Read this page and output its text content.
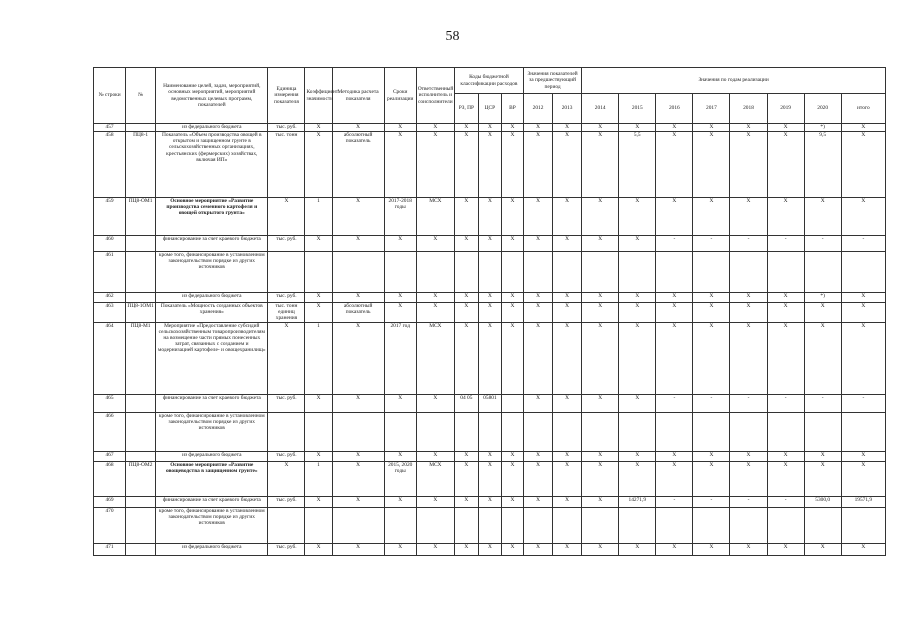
58
№ строки	№	Наименование целей, задач, мероприятий, основных мероприятий, мероприятий ведомственных целевых программ, показателей	Единица измерения показателя	Коэффициент значимости	Методика расчета показателя	Сроки реализации	Ответственный исполнитель и соисполнители	Коды бюджетной классификации расходов			Значения показателей за предшествующий период		Значения по годам реализации							
								РЗ, ПР	ЦСР	ВР	2012	2013	2014	2015	2016	2017	2018	2019	2020	итого
457		из федерального бюджета	тыс. руб.	X	X	X	X	X	X	X	X	X	X	X	X	X	X	X	*)	X
458	ПЦ8-1	Показатель «Объем производства овощей в открытом и защищенном грунте в сельскохозяйственных организациях, крестьянских (фермерских) хозяйствах, включая ИП»	тыс. тонн	X	абсолютный показатель	X	X	X	X	X	X	X	X	5,5	X	X	X	X	9,5	X
459	ПЦ8-ОМ1	Основное мероприятие «Развитие производства семенного картофеля и овощей открытого грунта»	X	1	X	2017-2018 годы	МСХ	X	X	X	X	X	X	X	X	X	X	X	X	X
460		финансирование за счет краевого бюджета	тыс. руб.	X	X	X	X	X	X	X	X	X	X	X	-	-	-	-	-	-
461		кроме того, финансирование в установленном законодательством порядке из других источников																		
462		из федерального бюджета	тыс. руб.	X	X	X	X	X	X	X	X	X	X	X	X	X	X	X	*)	X
463	ПЦ8-1ОМ1	Показатель «Мощность созданных объектов хранения»	тыс. тонн единиц хранения	X	абсолютный показатель	X	X	X	X	X	X	X	X	X	X	X	X	X	X	X
464	ПЦ8-М1	Мероприятие «Предоставление субсидий сельскохозяйственным товаропроизводителям на возмещение части прямых понесенных затрат, связанных с созданием и модернизацией картофеле- и овощехранилищ»	X	1	X	2017 год	МСХ	X	X	X	X	X	X	X	X	X	X	X	X	X
465		финансирование за счет краевого бюджета	тыс. руб.	X	X	X	X	04 05	05801		X	X	X	X	-	-	-	-	-	-
466		кроме того, финансирование в установленном законодательством порядке из других источников																		
467		из федерального бюджета	тыс. руб.	X	X	X	X	X	X	X	X	X	X	X	X	X	X	X	X	X
468	ПЦ8-ОМ2	Основное мероприятие «Развитие овощеводства в защищенном грунте»	X	1	X	2015, 2020 годы	МСХ	X	X	X	X	X	X	X	X	X	X	X	X	X
469		финансирование за счет краевого бюджета	тыс. руб.	X	X	X	X	X	X	X	X	X	X	14271,9	-	-	-	-	5300,0	19571,9
470		кроме того, финансирование в установленном законодательством порядке из других источников																		
471		из федерального бюджета	тыс. руб.	X	X	X	X	X	X	X	X	X	X	X	X	X	X	X	X	X
